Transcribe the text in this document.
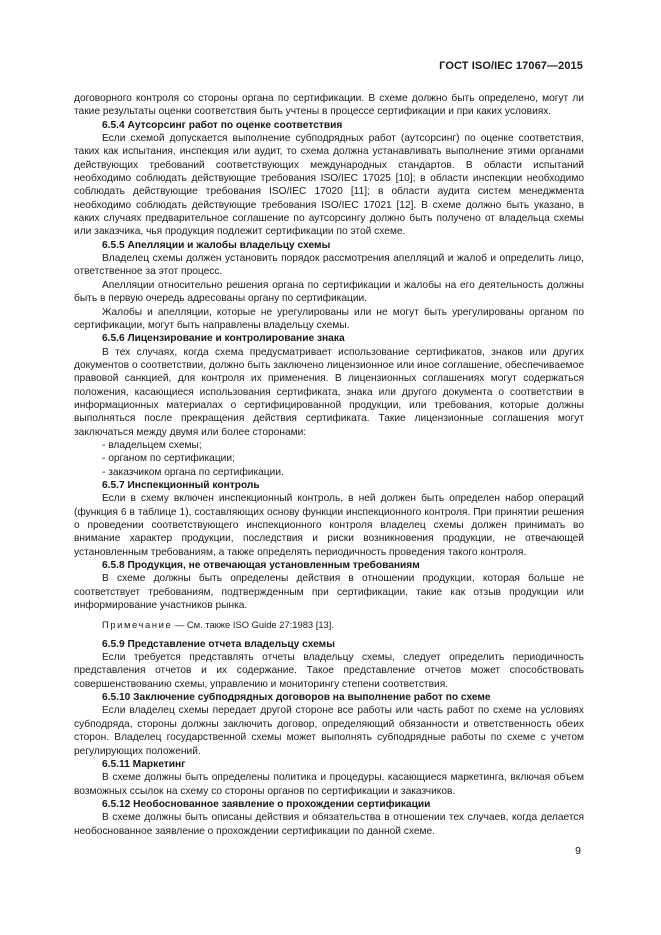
ГОСТ ISO/IEC 17067—2015

договорного контроля со стороны органа по сертификации. В схеме должно быть определено, могут ли такие результаты оценки соответствия быть учтены в процессе сертификации и при каких условиях.

6.5.4 Аутсорсинг работ по оценке соответствия

Если схемой допускается выполнение субподрядных работ (аутсорсинг) по оценке соответствия, таких как испытания, инспекция или аудит, то схема должна устанавливать выполнение этими органами действующих требований соответствующих международных стандартов. В области испытаний необходимо соблюдать действующие требования ISO/IEC 17025 [10]; в области инспекции необходимо соблюдать действующие требования ISO/IEC 17020 [11]; в области аудита систем менеджмента необходимо соблюдать действующие требования ISO/IEC 17021 [12]. В схеме должно быть указано, в каких случаях предварительное соглашение по аутсорсингу должно быть получено от владельца схемы или заказчика, чья продукция подлежит сертификации по этой схеме.

6.5.5 Апелляции и жалобы владельцу схемы

Владелец схемы должен установить порядок рассмотрения апелляций и жалоб и определить лицо, ответственное за этот процесс.

Апелляции относительно решения органа по сертификации и жалобы на его деятельность должны быть в первую очередь адресованы органу по сертификации.

Жалобы и апелляции, которые не урегулированы или не могут быть урегулированы органом по сертификации, могут быть направлены владельцу схемы.

6.5.6 Лицензирование и контролирование знака

В тех случаях, когда схема предусматривает использование сертификатов, знаков или других документов о соответствии, должно быть заключено лицензионное или иное соглашение, обеспечиваемое правовой санкцией, для контроля их применения. В лицензионных соглашениях могут содержаться положения, касающиеся использования сертификата, знака или другого документа о соответствии в информационных материалах о сертифицированной продукции, или требования, которые должны выполняться после прекращения действия сертификата. Такие лицензионные соглашения могут заключаться между двумя или более сторонами:

- владельцем схемы;

- органом по сертификации;

- заказчиком органа по сертификации.

6.5.7 Инспекционный контроль

Если в схему включен инспекционный контроль, в ней должен быть определен набор операций (функция 6 в таблице 1), составляющих основу функции инспекционного контроля. При принятии решения о проведении соответствующего инспекционного контроля владелец схемы должен принимать во внимание характер продукции, последствия и риски возникновения продукции, не отвечающей установленным требованиям, а также определять периодичность проведения такого контроля.

6.5.8 Продукция, не отвечающая установленным требованиям

В схеме должны быть определены действия в отношении продукции, которая больше не соответствует требованиям, подтвержденным при сертификации, такие как отзыв продукции или информирование участников рынка.

Примечание — См. также ISO Guide 27:1983 [13].

6.5.9 Представление отчета владельцу схемы

Если требуется представлять отчеты владельцу схемы, следует определить периодичность представления отчетов и их содержание. Такое представление отчетов может способствовать совершенствованию схемы, управлению и мониторингу степени соответствия.

6.5.10 Заключение субподрядных договоров на выполнение работ по схеме

Если владелец схемы передает другой стороне все работы или часть работ по схеме на условиях субподряда, стороны должны заключить договор, определяющий обязанности и ответственность обеих сторон. Владелец государственной схемы может выполнять субподрядные работы по схеме с учетом регулирующих положений.

6.5.11 Маркетинг

В схеме должны быть определены политика и процедуры, касающиеся маркетинга, включая объем возможных ссылок на схему со стороны органов по сертификации и заказчиков.

6.5.12 Необоснованное заявление о прохождении сертификации

В схеме должны быть описаны действия и обязательства в отношении тех случаев, когда делается необоснованное заявление о прохождении сертификации по данной схеме.

9
